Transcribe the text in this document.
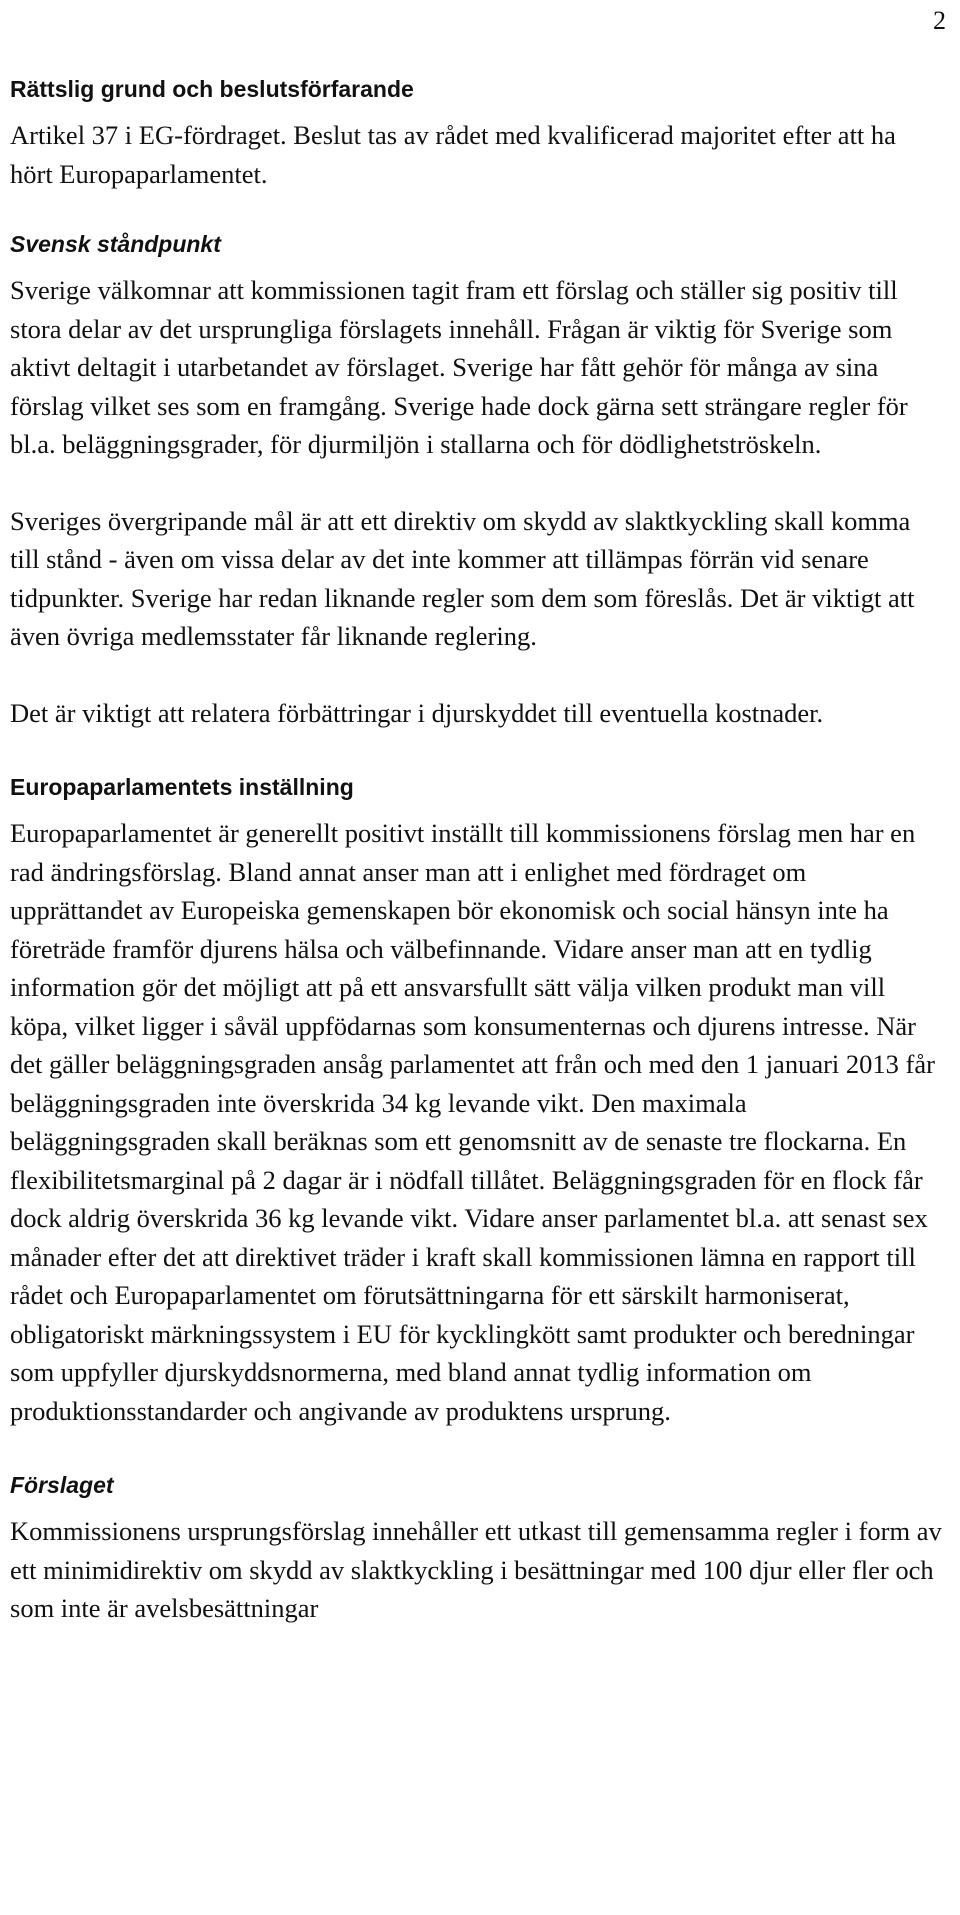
2
Rättslig grund och beslutsförfarande

Artikel 37 i EG-fördraget. Beslut tas av rådet med kvalificerad majoritet efter att ha hört Europaparlamentet.

Svensk ståndpunkt

Sverige välkomnar att kommissionen tagit fram ett förslag och ställer sig positiv till stora delar av det ursprungliga förslagets innehåll. Frågan är viktig för Sverige som aktivt deltagit i utarbetandet av förslaget. Sverige har fått gehör för många av sina förslag vilket ses som en framgång. Sverige hade dock gärna sett strängare regler för bl.a. beläggningsgrader, för djurmiljön i stallarna och för dödlighetströskeln.

Sveriges övergripande mål är att ett direktiv om skydd av slaktkyckling skall komma till stånd - även om vissa delar av det inte kommer att tillämpas förrän vid senare tidpunkter. Sverige har redan liknande regler som dem som föreslås. Det är viktigt att även övriga medlemsstater får liknande reglering.

Det är viktigt att relatera förbättringar i djurskyddet till eventuella kostnader.

Europaparlamentets inställning

Europaparlamentet är generellt positivt inställt till kommissionens förslag men har en rad ändringsförslag. Bland annat anser man att i enlighet med fördraget om upprättandet av Europeiska gemenskapen bör ekonomisk och social hänsyn inte ha företräde framför djurens hälsa och välbefinnande. Vidare anser man att en tydlig information gör det möjligt att på ett ansvarsfullt sätt välja vilken produkt man vill köpa, vilket ligger i såväl uppfödarnas som konsumenternas och djurens intresse. När det gäller beläggningsgraden ansåg parlamentet att från och med den 1 januari 2013 får beläggningsgraden inte överskrida 34 kg levande vikt. Den maximala beläggningsgraden skall beräknas som ett genomsnitt av de senaste tre flockarna. En flexibilitetsmarginal på 2 dagar är i nödfall tillåtet. Beläggningsgraden för en flock får dock aldrig överskrida 36 kg levande vikt. Vidare anser parlamentet bl.a. att senast sex månader efter det att direktivet träder i kraft skall kommissionen lämna en rapport till rådet och Europaparlamentet om förutsättningarna för ett särskilt harmoniserat, obligatoriskt märkningssystem i EU för kycklingkött samt produkter och beredningar som uppfyller djurskyddsnormerna, med bland annat tydlig information om produktionsstandarder och angivande av produktens ursprung.

Förslaget

Kommissionens ursprungsförslag innehåller ett utkast till gemensamma regler i form av ett minimidirektiv om skydd av slaktkyckling i besättningar med 100 djur eller fler och som inte är avelsbesättningar
